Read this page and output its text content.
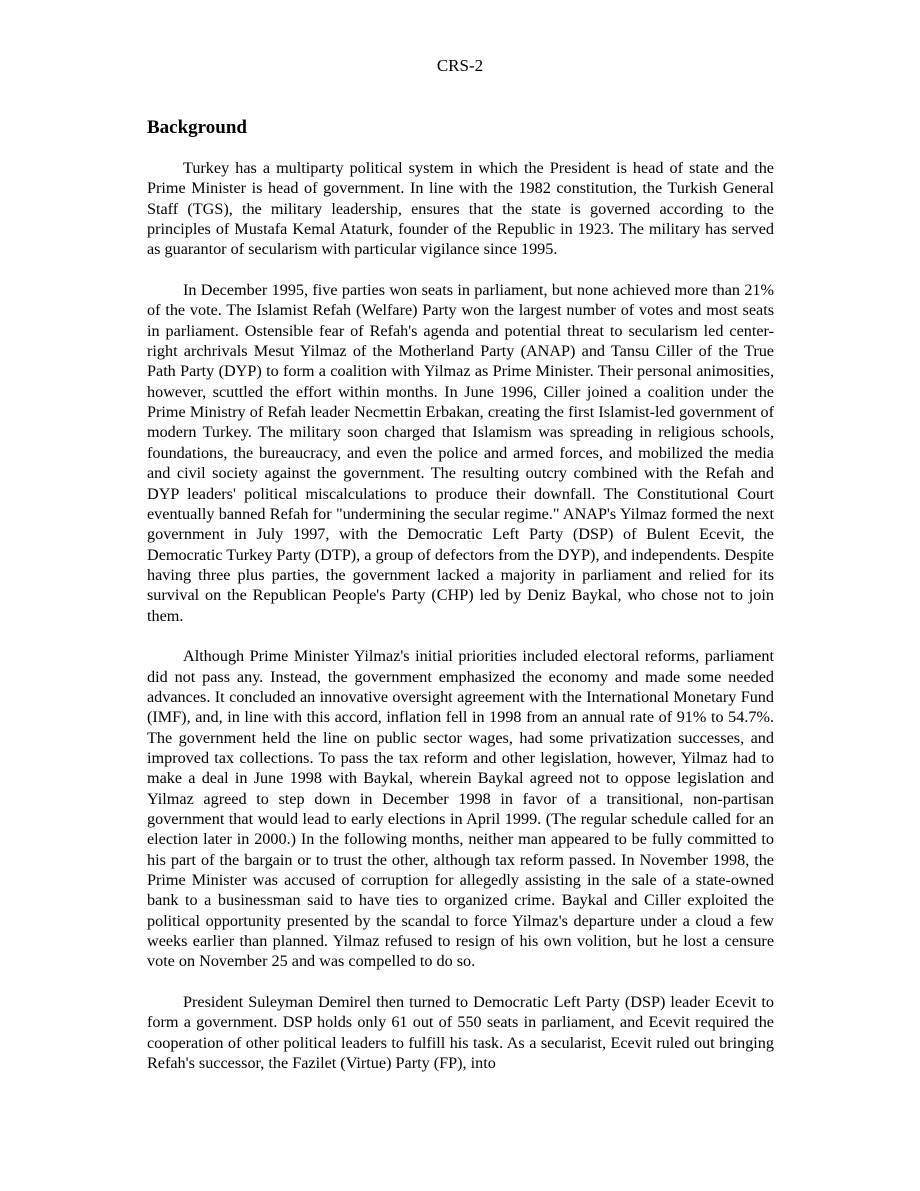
CRS-2
Background

Turkey has a multiparty political system in which the President is head of state and the Prime Minister is head of government. In line with the 1982 constitution, the Turkish General Staff (TGS), the military leadership, ensures that the state is governed according to the principles of Mustafa Kemal Ataturk, founder of the Republic in 1923. The military has served as guarantor of secularism with particular vigilance since 1995.

In December 1995, five parties won seats in parliament, but none achieved more than 21% of the vote. The Islamist Refah (Welfare) Party won the largest number of votes and most seats in parliament. Ostensible fear of Refah's agenda and potential threat to secularism led center-right archrivals Mesut Yilmaz of the Motherland Party (ANAP) and Tansu Ciller of the True Path Party (DYP) to form a coalition with Yilmaz as Prime Minister. Their personal animosities, however, scuttled the effort within months. In June 1996, Ciller joined a coalition under the Prime Ministry of Refah leader Necmettin Erbakan, creating the first Islamist-led government of modern Turkey. The military soon charged that Islamism was spreading in religious schools, foundations, the bureaucracy, and even the police and armed forces, and mobilized the media and civil society against the government. The resulting outcry combined with the Refah and DYP leaders' political miscalculations to produce their downfall. The Constitutional Court eventually banned Refah for "undermining the secular regime." ANAP's Yilmaz formed the next government in July 1997, with the Democratic Left Party (DSP) of Bulent Ecevit, the Democratic Turkey Party (DTP), a group of defectors from the DYP), and independents. Despite having three plus parties, the government lacked a majority in parliament and relied for its survival on the Republican People's Party (CHP) led by Deniz Baykal, who chose not to join them.

Although Prime Minister Yilmaz's initial priorities included electoral reforms, parliament did not pass any. Instead, the government emphasized the economy and made some needed advances. It concluded an innovative oversight agreement with the International Monetary Fund (IMF), and, in line with this accord, inflation fell in 1998 from an annual rate of 91% to 54.7%. The government held the line on public sector wages, had some privatization successes, and improved tax collections. To pass the tax reform and other legislation, however, Yilmaz had to make a deal in June 1998 with Baykal, wherein Baykal agreed not to oppose legislation and Yilmaz agreed to step down in December 1998 in favor of a transitional, non-partisan government that would lead to early elections in April 1999. (The regular schedule called for an election later in 2000.) In the following months, neither man appeared to be fully committed to his part of the bargain or to trust the other, although tax reform passed. In November 1998, the Prime Minister was accused of corruption for allegedly assisting in the sale of a state-owned bank to a businessman said to have ties to organized crime. Baykal and Ciller exploited the political opportunity presented by the scandal to force Yilmaz's departure under a cloud a few weeks earlier than planned. Yilmaz refused to resign of his own volition, but he lost a censure vote on November 25 and was compelled to do so.

President Suleyman Demirel then turned to Democratic Left Party (DSP) leader Ecevit to form a government. DSP holds only 61 out of 550 seats in parliament, and Ecevit required the cooperation of other political leaders to fulfill his task. As a secularist, Ecevit ruled out bringing Refah's successor, the Fazilet (Virtue) Party (FP), into
